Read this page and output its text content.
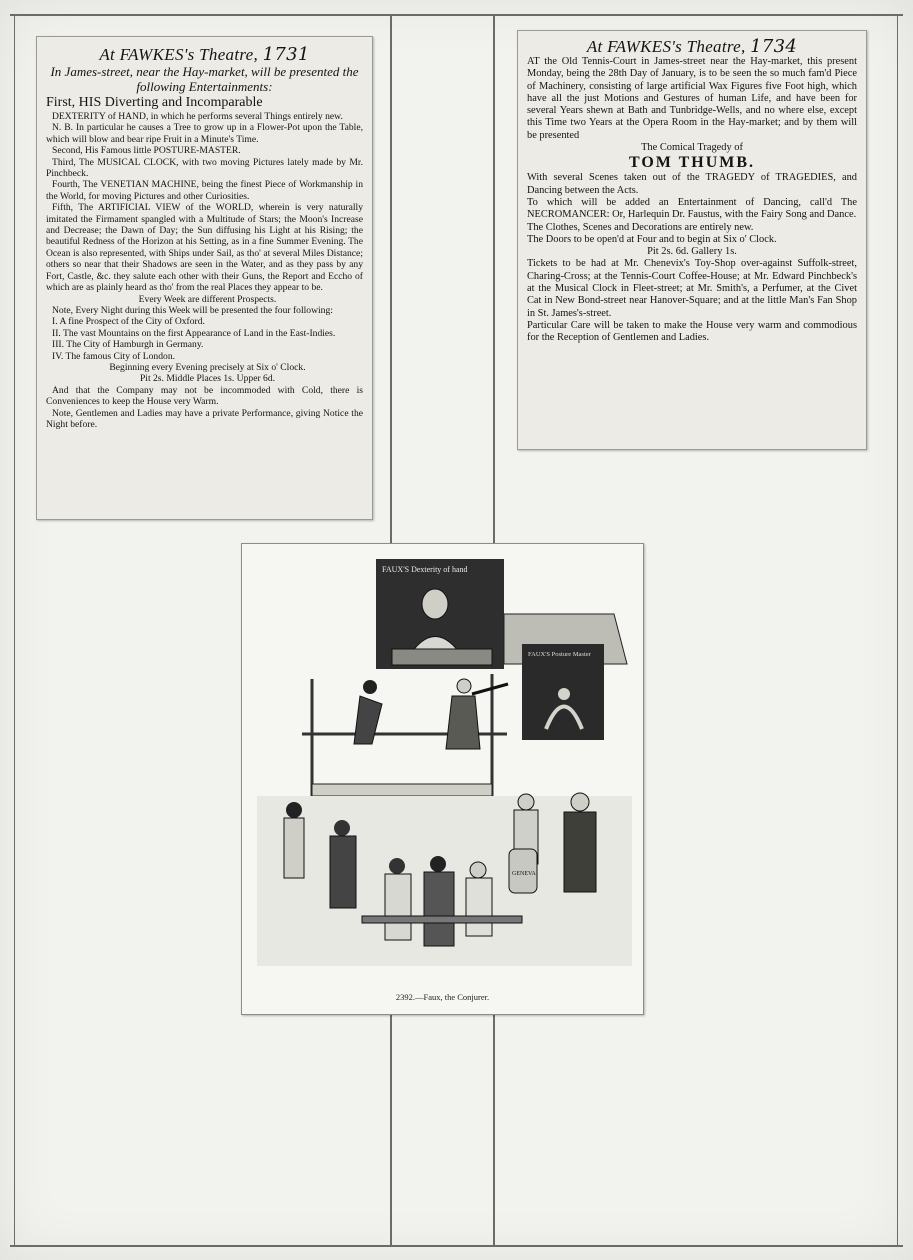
At FAWKES's Theatre, 1731
In James-street, near the Hay-market, will be presented the following Entertainments:
First, HIS Diverting and Incomparable

DEXTERITY of HAND, in which he performs several Things entirely new.

N. B. In particular he causes a Tree to grow up in a Flower-Pot upon the Table, which will blow and bear ripe Fruit in a Minute's Time.

Second, His Famous little POSTURE-MASTER.

Third, The MUSICAL CLOCK, with two moving Pictures lately made by Mr. Pinchbeck.

Fourth, The VENETIAN MACHINE, being the finest Piece of Workmanship in the World, for moving Pictures and other Curiosities.

Fifth, The ARTIFICIAL VIEW of the WORLD, wherein is very naturally imitated the Firmament spangled with a Multitude of Stars; the Moon's Increase and Decrease; the Dawn of Day; the Sun diffusing his Light at his Rising; the beautiful Redness of the Horizon at his Setting, as in a fine Summer Evening. The Ocean is also represented, with Ships under Sail, as tho' at several Miles Distance; others so near that their Shadows are seen in the Water, and as they pass by any Fort, Castle, &c. they salute each other with their Guns, the Report and Eccho of which are as plainly heard as tho' from the real Places they appear to be.

Every Week are different Prospects.

Note, Every Night during this Week will be presented the four following:

I. A fine Prospect of the City of Oxford.

II. The vast Mountains on the first Appearance of Land in the East-Indies.

III. The City of Hamburgh in Germany.

IV. The famous City of London.

Beginning every Evening precisely at Six o' Clock.

Pit 2s. Middle Places 1s. Upper 6d.

And that the Company may not be incommoded with Cold, there is Conveniences to keep the House very Warm.

Note, Gentlemen and Ladies may have a private Performance, giving Notice the Night before.

At FAWKES's Theatre, 1734

AT the Old Tennis-Court in James-street near the Hay-market, this present Monday, being the 28th Day of January, is to be seen the so much fam'd Piece of Machinery, consisting of large artificial Wax Figures five Foot high, which have all the just Motions and Gestures of human Life, and have been for several Years shewn at Bath and Tunbridge-Wells, and no where else, except this Time two Years at the Opera Room in the Hay-market; and by them will be presented

The Comical Tragedy of

TOM THUMB.

With several Scenes taken out of the TRAGEDY of TRAGEDIES, and Dancing between the Acts.

To which will be added an Entertainment of Dancing, call'd The NECROMANCER: Or, Harlequin Dr. Faustus, with the Fairy Song and Dance.

The Clothes, Scenes and Decorations are entirely new.

The Doors to be open'd at Four and to begin at Six o' Clock.

Pit 2s. 6d. Gallery 1s.

Tickets to be had at Mr. Chenevix's Toy-Shop over-against Suffolk-street, Charing-Cross; at the Tennis-Court Coffee-House; at Mr. Edward Pinchbeck's at the Musical Clock in Fleet-street; at Mr. Smith's, a Perfumer, at the Civet Cat in New Bond-street near Hanover-Square; and at the little Man's Fan Shop in St. James's-street.

Particular Care will be taken to make the House very warm and commodious for the Reception of Gentlemen and Ladies.

FAUX'S Dexterity of hand
FAUX'S Posture Master
GENEVA
2392.—Faux, the Conjurer.
